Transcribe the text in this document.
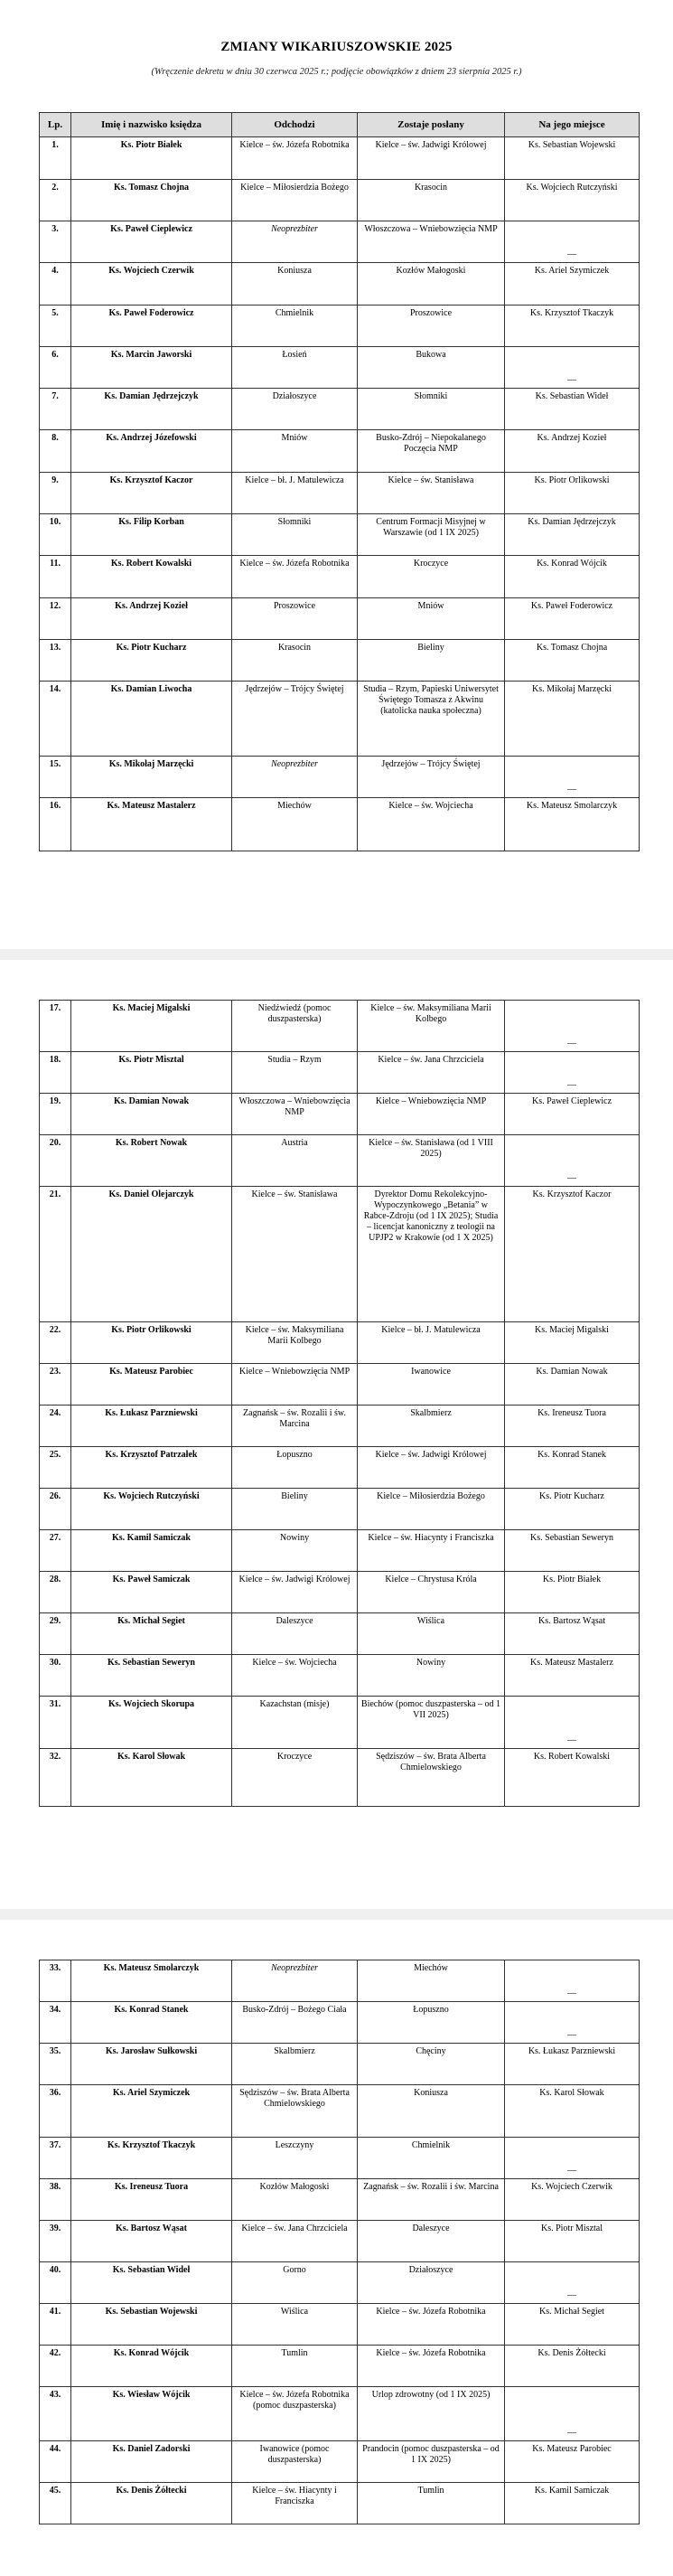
ZMIANY WIKARIUSZOWSKIE 2025
(Wręczenie dekretu w dniu 30 czerwca 2025 r.; podjęcie obowiązków z dniem 23 sierpnia 2025 r.)
Lp.	Imię i nazwisko księdza	Odchodzi	Zostaje posłany	Na jego miejsce
1.	Ks. Piotr Białek	Kielce – św. Józefa Robotnika	Kielce – św. Jadwigi Królowej	Ks. Sebastian Wojewski
2.	Ks. Tomasz Chojna	Kielce – Miłosierdzia Bożego	Krasocin	Ks. Wojciech Rutczyński
3.	Ks. Paweł Cieplewicz	Neoprezbiter	Włoszczowa – Wniebowzięcia NMP	—
4.	Ks. Wojciech Czerwik	Koniusza	Kozłów Małogoski	Ks. Ariel Szymiczek
5.	Ks. Paweł Foderowicz	Chmielnik	Proszowice	Ks. Krzysztof Tkaczyk
6.	Ks. Marcin Jaworski	Łosień	Bukowa	—
7.	Ks. Damian Jędrzejczyk	Działoszyce	Słomniki	Ks. Sebastian Wideł
8.	Ks. Andrzej Józefowski	Mniów	Busko-Zdrój – Niepokalanego Poczęcia NMP	Ks. Andrzej Kozieł
9.	Ks. Krzysztof Kaczor	Kielce – bł. J. Matulewicza	Kielce – św. Stanisława	Ks. Piotr Orlikowski
10.	Ks. Filip Korban	Słomniki	Centrum Formacji Misyjnej w Warszawie (od 1 IX 2025)	Ks. Damian Jędrzejczyk
11.	Ks. Robert Kowalski	Kielce – św. Józefa Robotnika	Kroczyce	Ks. Konrad Wójcik
12.	Ks. Andrzej Kozieł	Proszowice	Mniów	Ks. Paweł Foderowicz
13.	Ks. Piotr Kucharz	Krasocin	Bieliny	Ks. Tomasz Chojna
14.	Ks. Damian Liwocha	Jędrzejów – Trójcy Świętej	Studia – Rzym, Papieski Uniwersytet Świętego Tomasza z Akwinu (katolicka nauka społeczna)	Ks. Mikołaj Marzęcki
15.	Ks. Mikołaj Marzęcki	Neoprezbiter	Jędrzejów – Trójcy Świętej	—
16.	Ks. Mateusz Mastalerz	Miechów	Kielce – św. Wojciecha	Ks. Mateusz Smolarczyk
17.	Ks. Maciej Migalski	Niedźwiedź (pomoc duszpasterska)	Kielce – św. Maksymiliana Marii Kolbego	—
18.	Ks. Piotr Misztal	Studia – Rzym	Kielce – św. Jana Chrzciciela	—
19.	Ks. Damian Nowak	Włoszczowa – Wniebowzięcia NMP	Kielce – Wniebowzięcia NMP	Ks. Paweł Cieplewicz
20.	Ks. Robert Nowak	Austria	Kielce – św. Stanisława (od 1 VIII 2025)	—
21.	Ks. Daniel Olejarczyk	Kielce – św. Stanisława	Dyrektor Domu Rekolekcyjno-Wypoczynkowego „Betania” w Rabce-Zdroju (od 1 IX 2025); Studia – licencjat kanoniczny z teologii na UPJP2 w Krakowie (od 1 X 2025)	Ks. Krzysztof Kaczor
22.	Ks. Piotr Orlikowski	Kielce – św. Maksymiliana Marii Kolbego	Kielce – bł. J. Matulewicza	Ks. Maciej Migalski
23.	Ks. Mateusz Parobiec	Kielce – Wniebowzięcia NMP	Iwanowice	Ks. Damian Nowak
24.	Ks. Łukasz Parzniewski	Zagnańsk – św. Rozalii i św. Marcina	Skalbmierz	Ks. Ireneusz Tuora
25.	Ks. Krzysztof Patrzałek	Łopuszno	Kielce – św. Jadwigi Królowej	Ks. Konrad Stanek
26.	Ks. Wojciech Rutczyński	Bieliny	Kielce – Miłosierdzia Bożego	Ks. Piotr Kucharz
27.	Ks. Kamil Samiczak	Nowiny	Kielce – św. Hiacynty i Franciszka	Ks. Sebastian Seweryn
28.	Ks. Paweł Samiczak	Kielce – św. Jadwigi Królowej	Kielce – Chrystusa Króla	Ks. Piotr Białek
29.	Ks. Michał Segiet	Daleszyce	Wiślica	Ks. Bartosz Wąsat
30.	Ks. Sebastian Seweryn	Kielce – św. Wojciecha	Nowiny	Ks. Mateusz Mastalerz
31.	Ks. Wojciech Skorupa	Kazachstan (misje)	Biechów (pomoc duszpasterska – od 1 VII 2025)	—
32.	Ks. Karol Słowak	Kroczyce	Sędziszów – św. Brata Alberta Chmielowskiego	Ks. Robert Kowalski
33.	Ks. Mateusz Smolarczyk	Neoprezbiter	Miechów	—
34.	Ks. Konrad Stanek	Busko-Zdrój – Bożego Ciała	Łopuszno	—
35.	Ks. Jarosław Sułkowski	Skalbmierz	Chęciny	Ks. Łukasz Parzniewski
36.	Ks. Ariel Szymiczek	Sędziszów – św. Brata Alberta Chmielowskiego	Koniusza	Ks. Karol Słowak
37.	Ks. Krzysztof Tkaczyk	Leszczyny	Chmielnik	—
38.	Ks. Ireneusz Tuora	Kozłów Małogoski	Zagnańsk – św. Rozalii i św. Marcina	Ks. Wojciech Czerwik
39.	Ks. Bartosz Wąsat	Kielce – św. Jana Chrzciciela	Daleszyce	Ks. Piotr Misztal
40.	Ks. Sebastian Wideł	Gorno	Działoszyce	—
41.	Ks. Sebastian Wojewski	Wiślica	Kielce – św. Józefa Robotnika	Ks. Michał Segiet
42.	Ks. Konrad Wójcik	Tumlin	Kielce – św. Józefa Robotnika	Ks. Denis Żółtecki
43.	Ks. Wiesław Wójcik	Kielce – św. Józefa Robotnika (pomoc duszpasterska)	Urlop zdrowotny (od 1 IX 2025)	—
44.	Ks. Daniel Zadorski	Iwanowice (pomoc duszpasterska)	Prandocin (pomoc duszpasterska – od 1 IX 2025)	Ks. Mateusz Parobiec
45.	Ks. Denis Żółtecki	Kielce – św. Hiacynty i Franciszka	Tumlin	Ks. Kamil Samiczak
